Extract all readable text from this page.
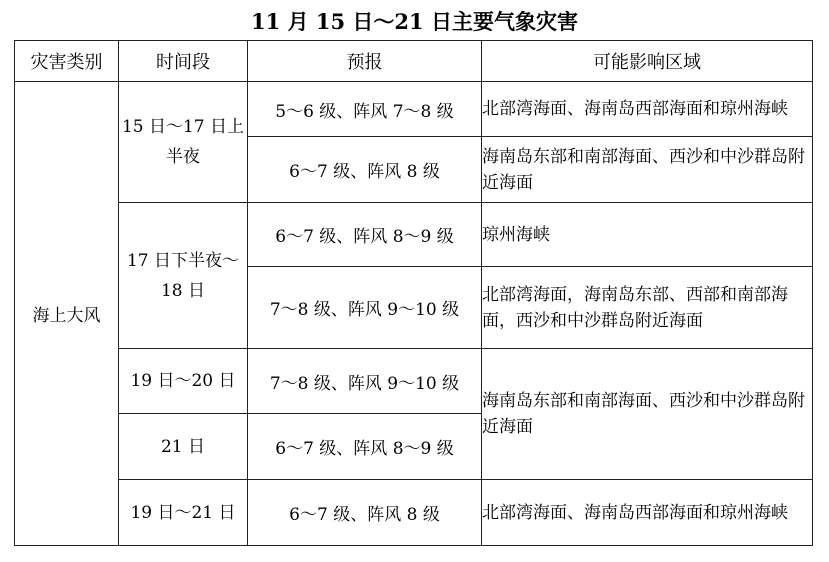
11 月 15 日～21 日主要气象灾害
灾害类别	时间段	预报	可能影响区域
海上大风	15 日～17 日上半夜	5～6 级、阵风 7～8 级	北部湾海面、海南岛西部海面和琼州海峡
		6～7 级、阵风 8 级	海南岛东部和南部海面、西沙和中沙群岛附近海面
	17 日下半夜～18 日	6～7 级、阵风 8～9 级	琼州海峡
		7～8 级、阵风 9～10 级	北部湾海面，海南岛东部、西部和南部海面，西沙和中沙群岛附近海面
	19 日～20 日	7～8 级、阵风 9～10 级	海南岛东部和南部海面、西沙和中沙群岛附近海面
	21 日	6～7 级、阵风 8～9 级	
	19 日～21 日	6～7 级、阵风 8 级	北部湾海面、海南岛西部海面和琼州海峡
